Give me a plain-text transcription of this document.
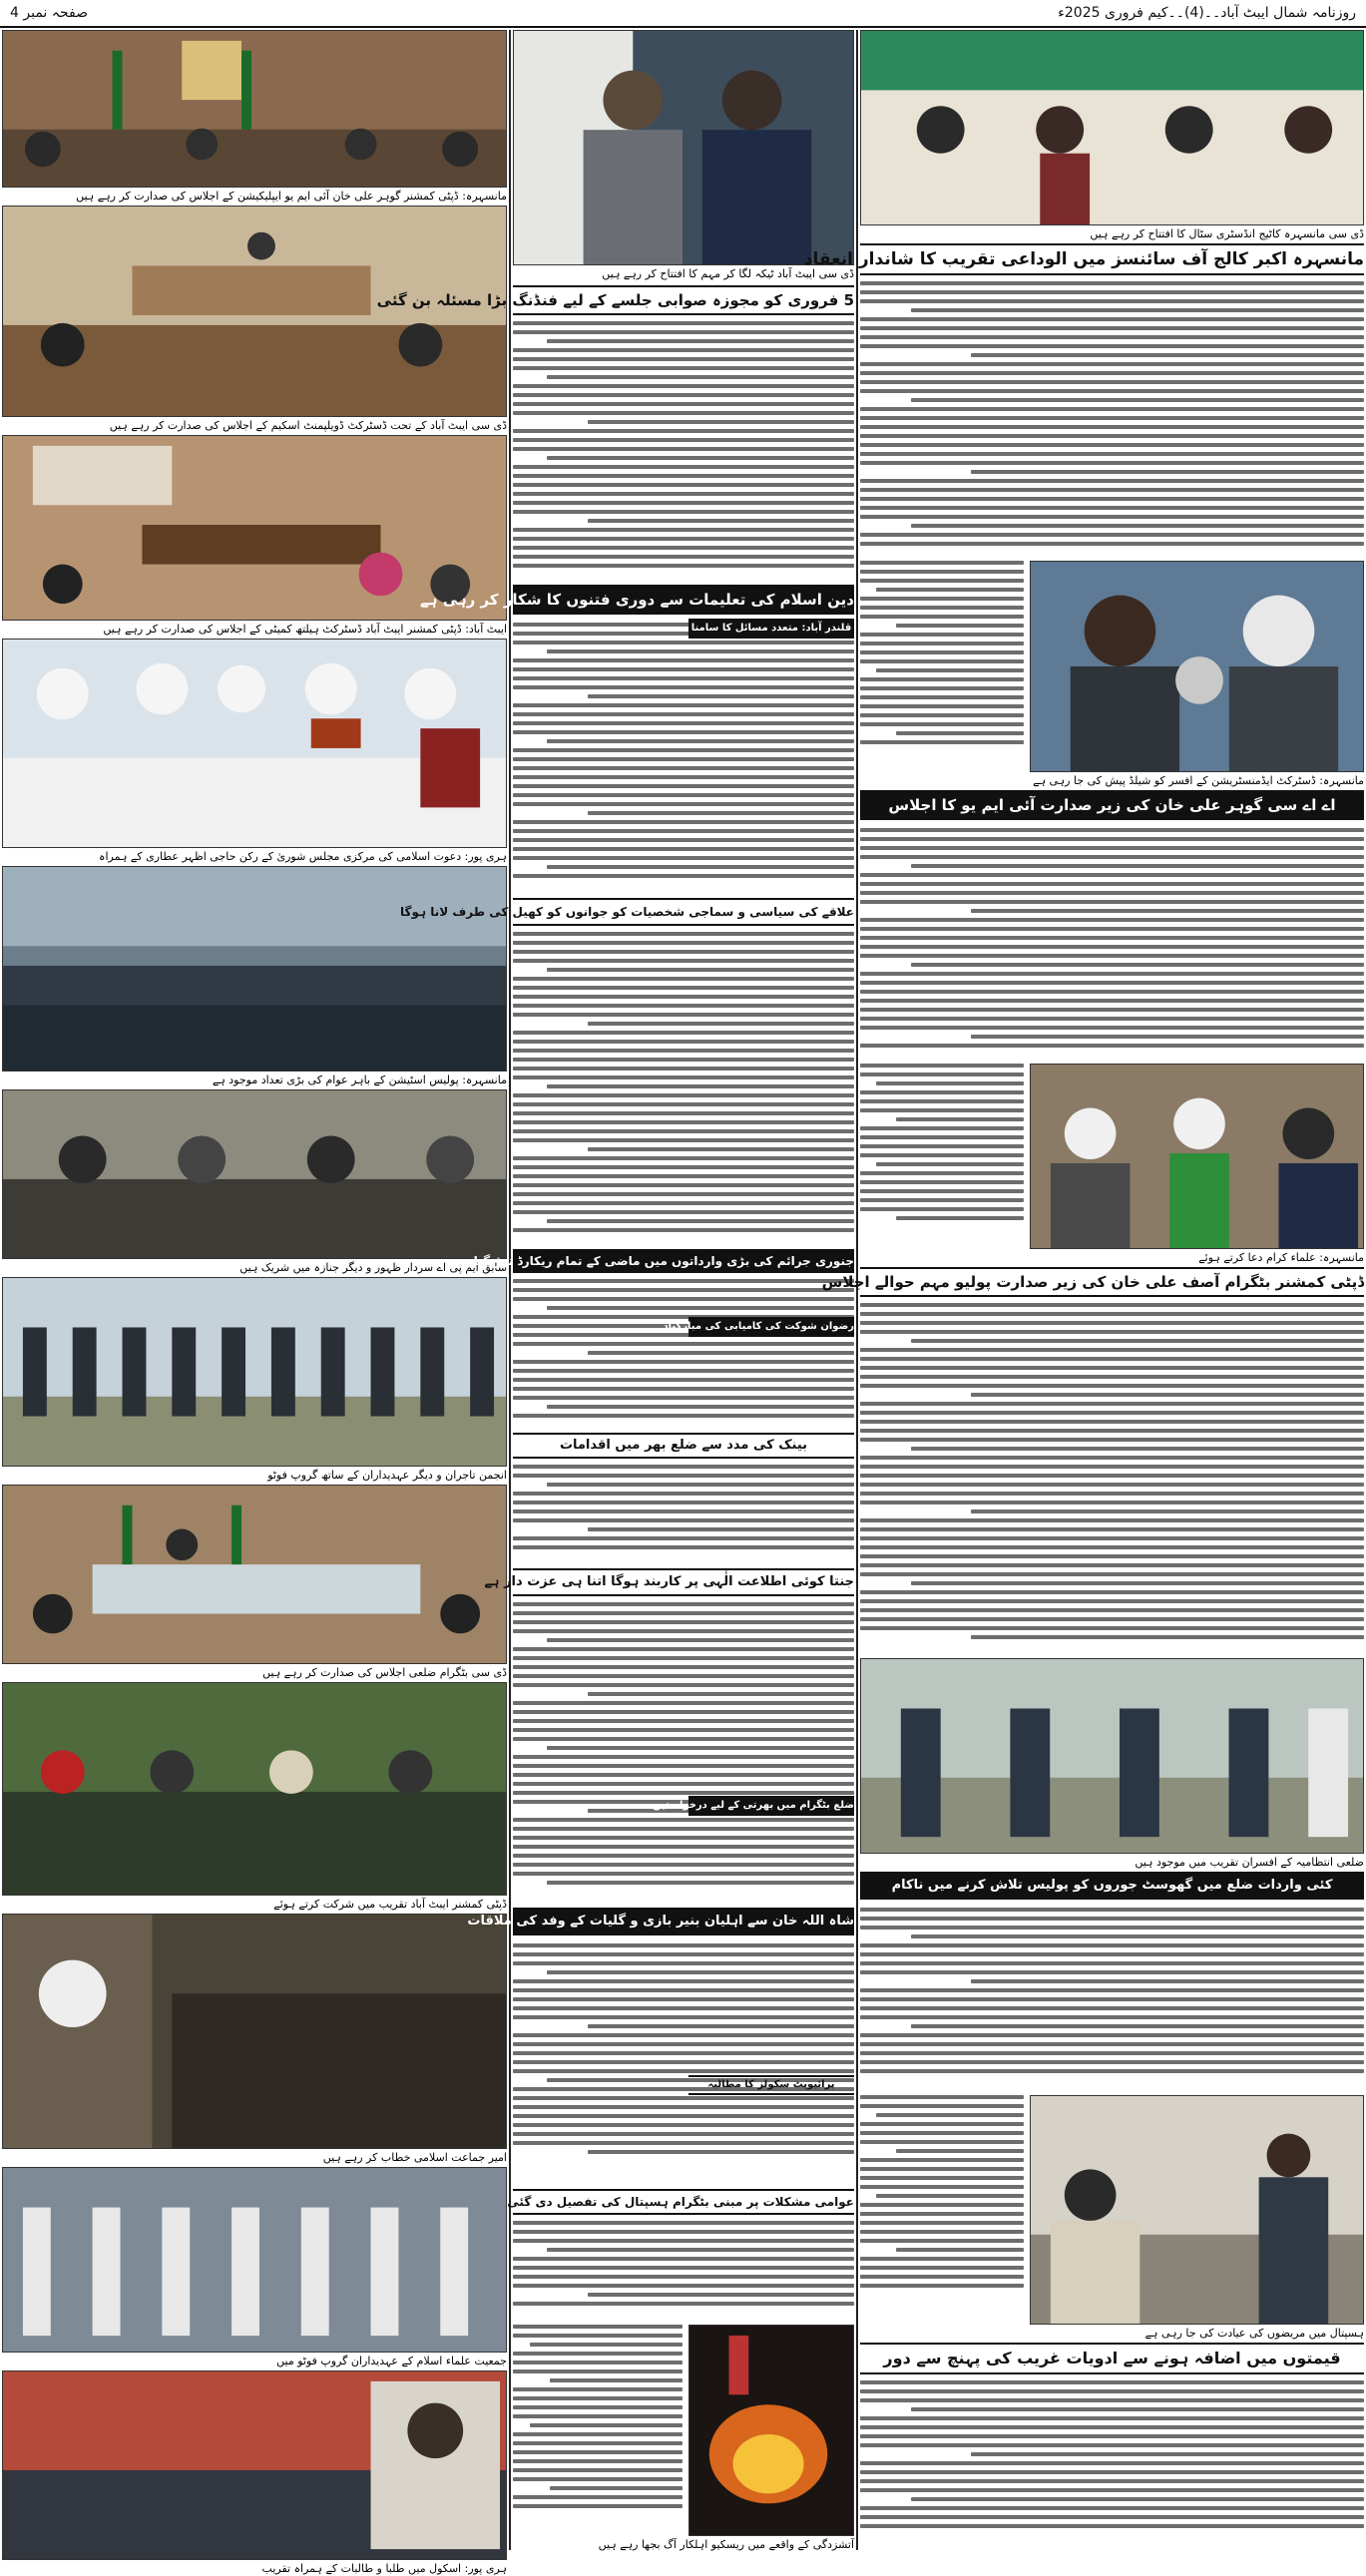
صفحہ نمبر 4	روزنامہ شمال ایبٹ آباد۔۔(4)۔۔کیم فروری 2025ء
مانسہرہ: ڈپٹی کمشنر گوہر علی خان آئی ایم یو ایپلیکیشن کے اجلاس کی صدارت کر رہے ہیں
ڈی سی ایبٹ آباد کے تحت ڈسٹرکٹ ڈویلپمنٹ اسکیم کے اجلاس کی صدارت کر رہے ہیں
ایبٹ آباد: ڈپٹی کمشنر ایبٹ آباد ڈسٹرکٹ ہیلتھ کمیٹی کے اجلاس کی صدارت کر رہے ہیں
ہری پور: دعوت اسلامی کی مرکزی مجلس شوریٰ کے رکن حاجی اظہر عطاری کے ہمراہ
مانسہرہ: پولیس اسٹیشن کے باہر عوام کی بڑی تعداد موجود ہے
سابق ایم پی اے سردار ظہور و دیگر جنازہ میں شریک ہیں
انجمن تاجران و دیگر عہدیداران کے ساتھ گروپ فوٹو
ڈی سی بٹگرام ضلعی اجلاس کی صدارت کر رہے ہیں
ڈپٹی کمشنر ایبٹ آباد تقریب میں شرکت کرتے ہوئے
امیر جماعت اسلامی خطاب کر رہے ہیں
جمعیت علماء اسلام کے عہدیداران گروپ فوٹو میں
ہری پور: اسکول میں طلبا و طالبات کے ہمراہ تقریب
ڈی سی ایبٹ آباد ٹیکہ لگا کر مہم کا افتتاح کر رہے ہیں
5 فروری کو مجوزہ صوابی جلسے کے لیے فنڈنگ بڑا مسئلہ بن گئی
دین اسلام کی تعلیمات سے دوری فتنوں کا شکار کر رہی ہے
علاقے کی سیاسی و سماجی شخصیات کو جوانوں کو کھیل کی طرف لانا ہوگا
جنوری جرائم کی بڑی وارداتوں میں ماضی کے تمام ریکارڈ توڑ گیا
بینک کی مدد سے ضلع بھر میں اقدامات
جنتا کوئی اطلاعت الٰہی پر کاربند ہوگا اتنا ہی عزت دار ہے
شاہ اللہ خان سے اہلیان بنیر بازی و گلیات کے وفد کی ملاقات
عوامی مشکلات پر مبنی بٹگرام ہسپتال کی تفصیل دی گئی
آتشزدگی کے واقعے میں ریسکیو اہلکار آگ بجھا رہے ہیں
ڈی سی مانسہرہ کاٹیج انڈسٹری سٹال کا افتتاح کر رہے ہیں
مانسہرہ اکبر کالج آف سائنسز میں الوداعی تقریب کا شاندار انعقاد
مانسہرہ: ڈسٹرکٹ ایڈمنسٹریشن کے افسر کو شیلڈ پیش کی جا رہی ہے
اے اے سی گوہر علی خان کی زیر صدارت آئی ایم یو کا اجلاس
مانسہرہ: علماء کرام دعا کرتے ہوئے
ڈپٹی کمشنر بٹگرام آصف علی خان کی زیر صدارت پولیو مہم حوالے اجلاس
ضلعی انتظامیہ کے افسران تقریب میں موجود ہیں
کئی واردات ضلع میں گھوسٹ جوروں کو پولیس تلاش کرنے میں ناکام
ہسپتال میں مریضوں کی عیادت کی جا رہی ہے
قیمتوں میں اضافہ ہونے سے ادویات غریب کی پہنچ سے دور
قلندر آباد: متعدد مسائل کا سامنا
رضوان شوکت کی کامیابی کی مبارکباد
ضلع بٹگرام میں بھرتی کے لیے درخواستیں
پرائیویٹ سکولز کا مطالبہ
